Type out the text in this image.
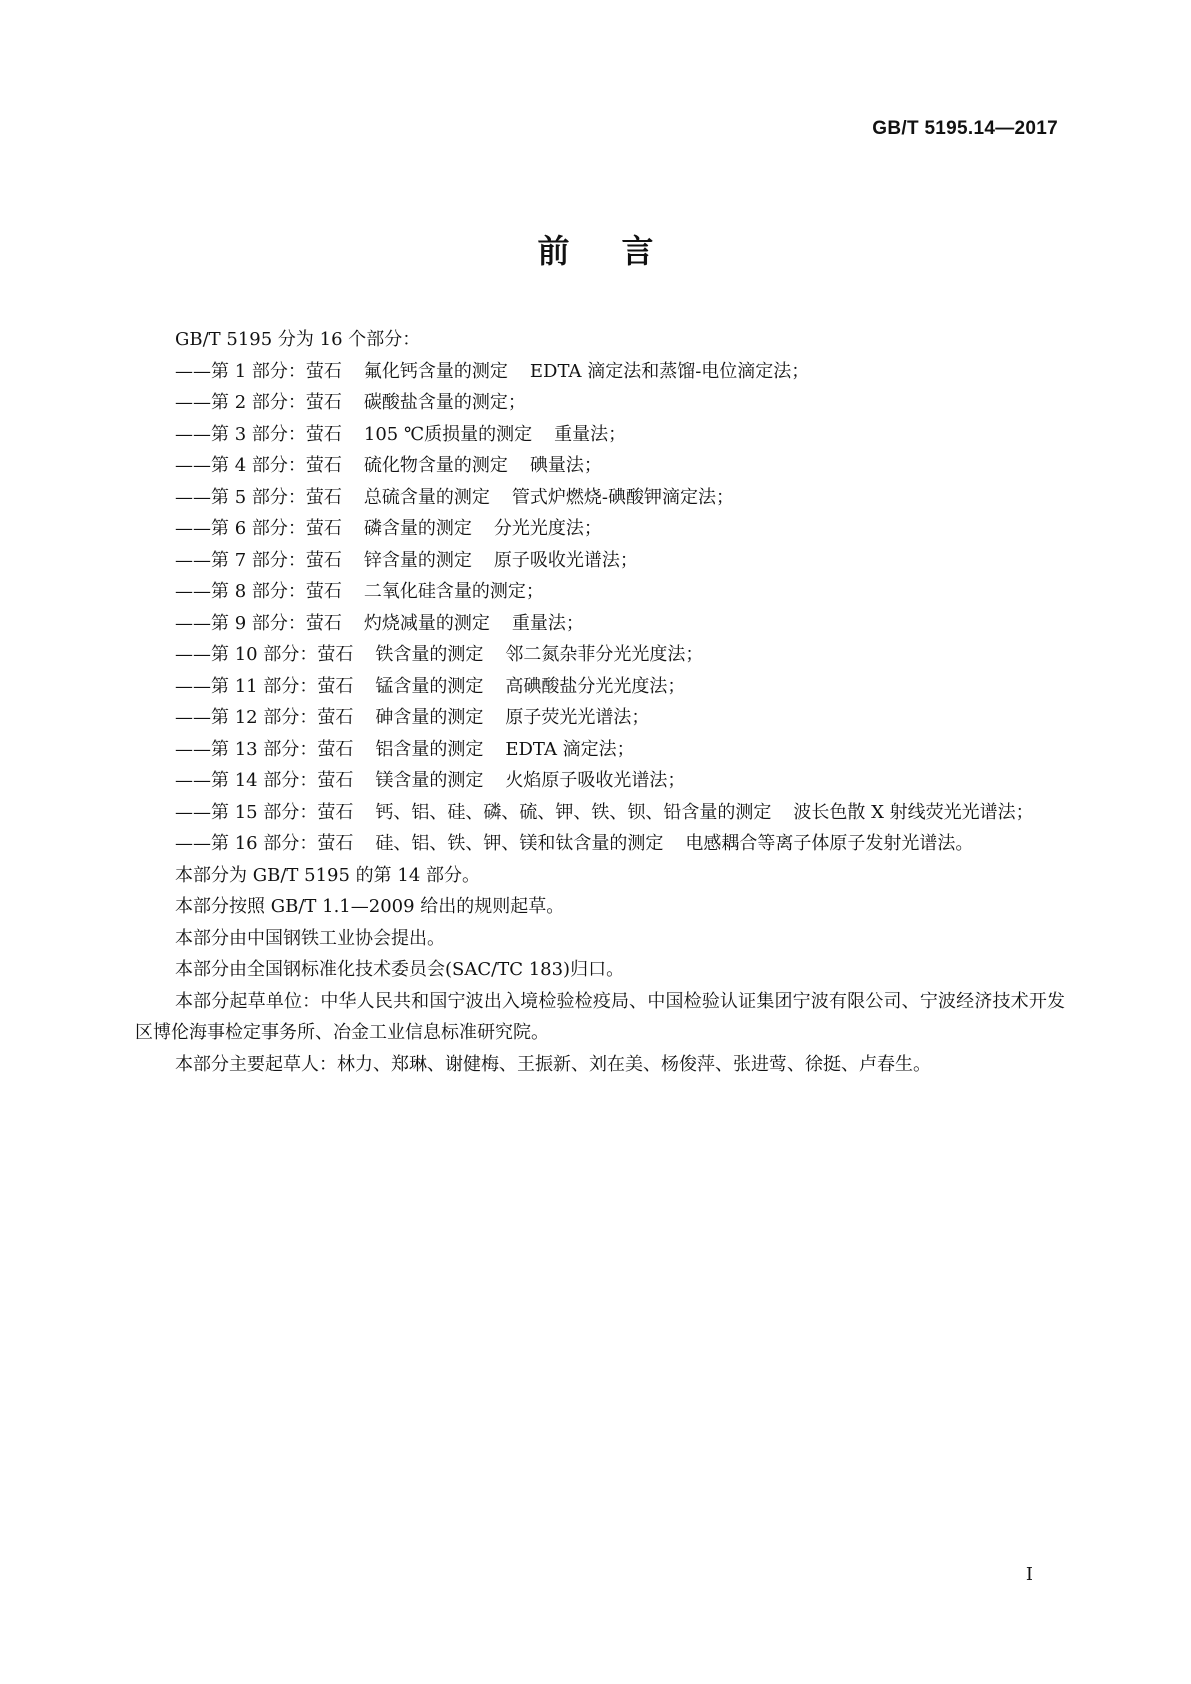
GB/T 5195.14—2017
前言

GB/T 5195 分为 16 个部分：

——第 1 部分：萤石 氟化钙含量的测定 EDTA 滴定法和蒸馏-电位滴定法；

——第 2 部分：萤石 碳酸盐含量的测定；

——第 3 部分：萤石 105 ℃质损量的测定 重量法；

——第 4 部分：萤石 硫化物含量的测定 碘量法；

——第 5 部分：萤石 总硫含量的测定 管式炉燃烧-碘酸钾滴定法；

——第 6 部分：萤石 磷含量的测定 分光光度法；

——第 7 部分：萤石 锌含量的测定 原子吸收光谱法；

——第 8 部分：萤石 二氧化硅含量的测定；

——第 9 部分：萤石 灼烧减量的测定 重量法；

——第 10 部分：萤石 铁含量的测定 邻二氮杂菲分光光度法；

——第 11 部分：萤石 锰含量的测定 高碘酸盐分光光度法；

——第 12 部分：萤石 砷含量的测定 原子荧光光谱法；

——第 13 部分：萤石 铝含量的测定 EDTA 滴定法；

——第 14 部分：萤石 镁含量的测定 火焰原子吸收光谱法；

——第 15 部分：萤石 钙、铝、硅、磷、硫、钾、铁、钡、铅含量的测定 波长色散 X 射线荧光光谱法；

——第 16 部分：萤石 硅、铝、铁、钾、镁和钛含量的测定 电感耦合等离子体原子发射光谱法。

本部分为 GB/T 5195 的第 14 部分。

本部分按照 GB/T 1.1—2009 给出的规则起草。

本部分由中国钢铁工业协会提出。

本部分由全国钢标准化技术委员会(SAC/TC 183)归口。

本部分起草单位：中华人民共和国宁波出入境检验检疫局、中国检验认证集团宁波有限公司、宁波经济技术开发区博伦海事检定事务所、冶金工业信息标准研究院。

本部分主要起草人：林力、郑琳、谢健梅、王振新、刘在美、杨俊萍、张进莺、徐挺、卢春生。

I
